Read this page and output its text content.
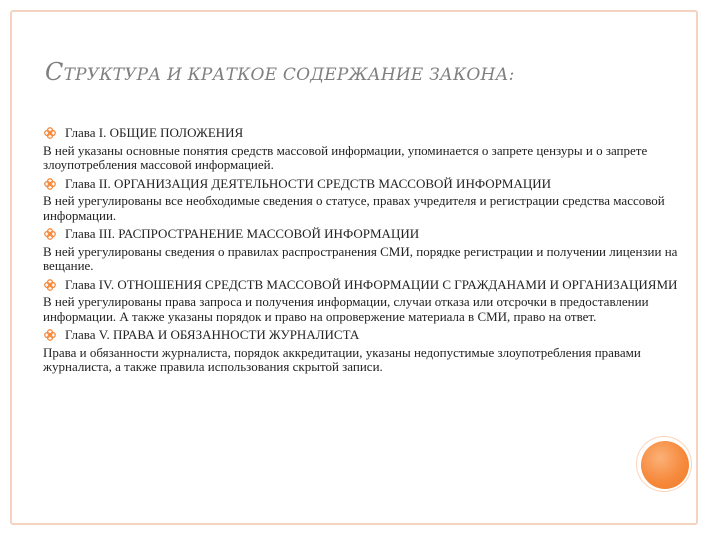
СТРУКТУРА И КРАТКОЕ СОДЕРЖАНИЕ ЗАКОНА:

Глава I. ОБЩИЕ ПОЛОЖЕНИЯ

В ней указаны основные понятия средств массовой информации, упоминается о запрете цензуры и о запрете злоупотребления массовой информацией.

Глава II. ОРГАНИЗАЦИЯ ДЕЯТЕЛЬНОСТИ СРЕДСТВ МАССОВОЙ ИНФОРМАЦИИ

В ней урегулированы все необходимые сведения о статусе, правах учредителя и регистрации средства массовой информации.

Глава III. РАСПРОСТРАНЕНИЕ МАССОВОЙ ИНФОРМАЦИИ

В ней урегулированы сведения о правилах распространения СМИ, порядке регистрации и получении лицензии на вещание.

Глава IV. ОТНОШЕНИЯ СРЕДСТВ МАССОВОЙ ИНФОРМАЦИИ С ГРАЖДАНАМИ И ОРГАНИЗАЦИЯМИ

В ней урегулированы права запроса и получения информации, случаи отказа или отсрочки в предоставлении информации. А также указаны порядок и право на опровержение материала в СМИ, право на ответ.

Глава V. ПРАВА И ОБЯЗАННОСТИ ЖУРНАЛИСТА

Права и обязанности журналиста, порядок аккредитации, указаны недопустимые злоупотребления правами журналиста, а также правила использования скрытой записи.
